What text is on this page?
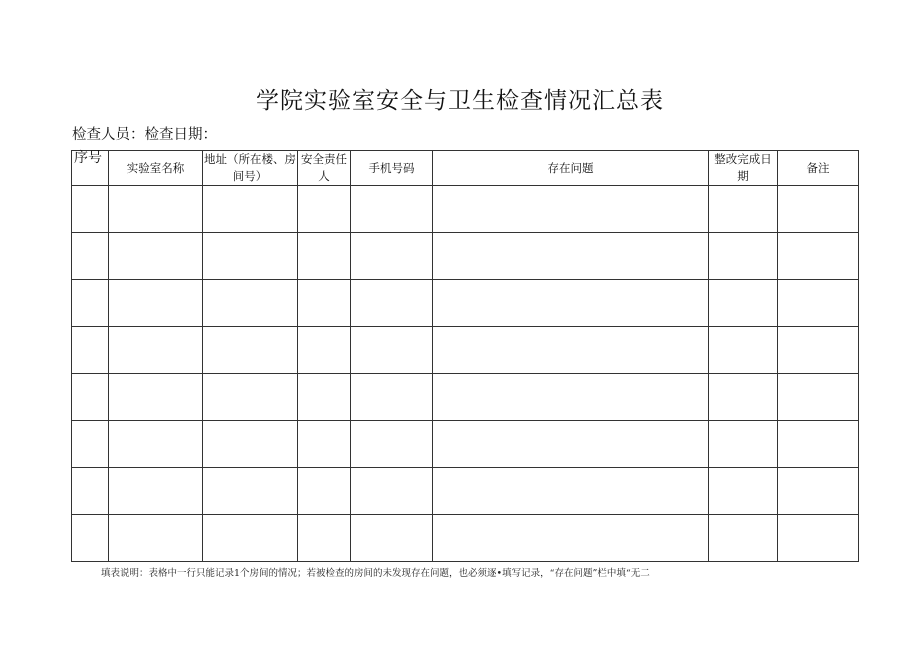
学院实验室安全与卫生检查情况汇总表
检查人员：检查日期：
序号	实验室名称	地址（所在楼、房间号）	安全责任人	手机号码	存在问题	整改完成日期	备注

填表说明：表格中一行只能记录1个房间的情况；若被检查的房间的未发现存在问题，也必须逐•填写记录，“存在问题”栏中填“无二
